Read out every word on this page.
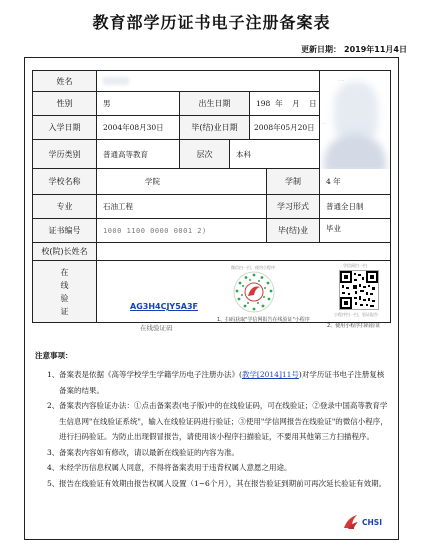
教育部学历证书电子注册备案表
更新日期： 2019年11月4日
姓名
性别	男	出生日期	198  年    月    日
入学日期	2004年08月30日	毕(结)业日期	2008年05月20日
学历类别	普通高等教育	层次	本科
·····
···
学校名称	学院	学制	4 年
专业	石油工程	学习形式	普通全日制
证书编号	1000 1100 0000 0001 2)	毕(结)业	毕业
校(院)长姓名
在
线
验
证	AG3H4CJY5A3F
在线验证码
微信扫一扫，使用小程序
1、扫码获取"学信网报告在线验证"小程序
学信网扫一扫
小程序扫一扫，验证报告
2、使用小程序扫码验证
注意事项：

1、 备案表是依据《高等学校学生学籍学历电子注册办法》(教学[2014]11号)对学历证书电子注册复核备案的结果。

2、 备案表内容验证办法：①点击备案表(电子版)中的在线验证码，可在线验证；②登录中国高等教育学生信息网"在线验证系统"，输入在线验证码进行验证；③使用"学信网报告在线验证"的微信小程序，进行扫码验证。为防止出现假冒报告，请使用该小程序扫描验证，不要用其他第三方扫描程序。

3、 备案表内容如有修改，请以最新在线验证的内容为准。

4、 未经学历信息权属人同意，不得将备案表用于违背权属人意愿之用途。

5、 报告在线验证有效期由报告权属人设置（1~6个月），其在报告验证到期前可再次延长验证有效期。

CHSI
